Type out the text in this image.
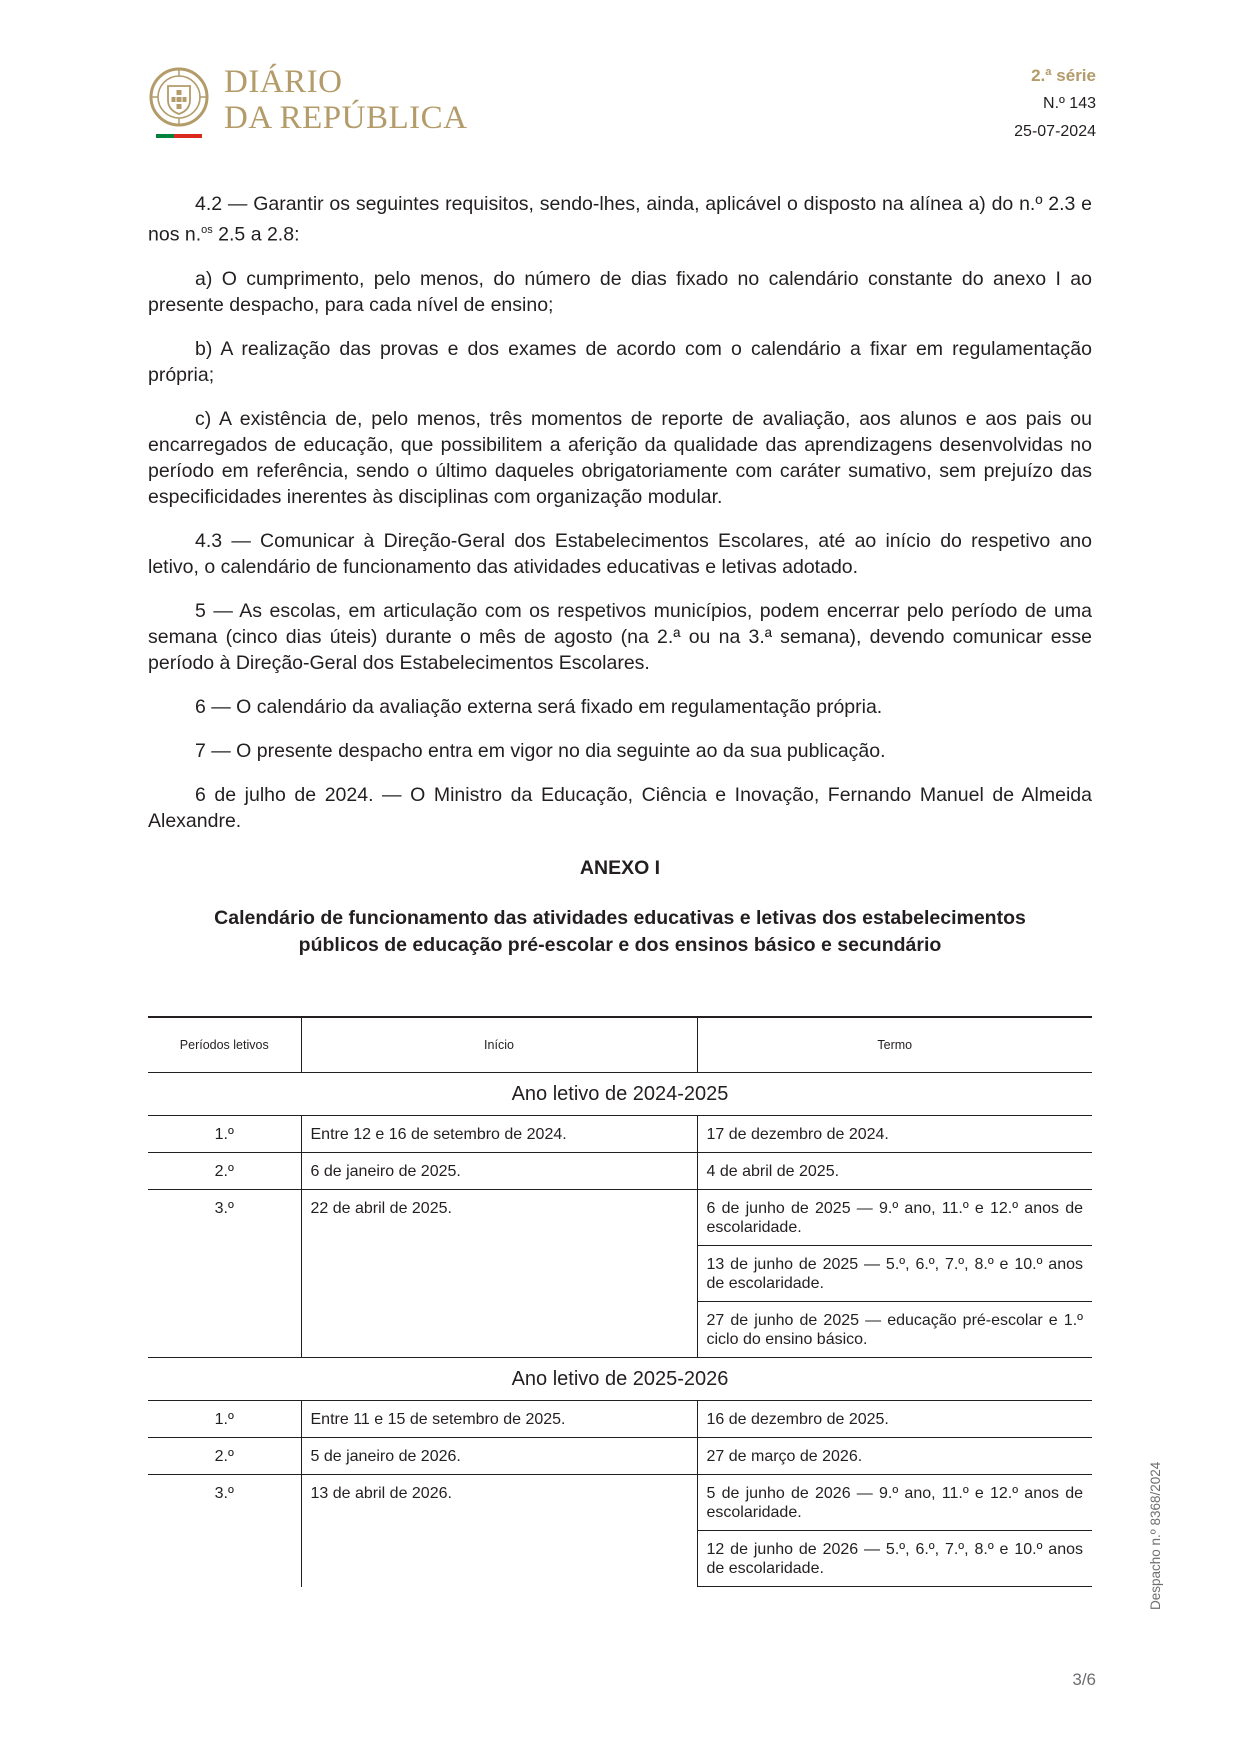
DIÁRIO
DA REPÚBLICA
2.ª série
N.º 143
25-07-2024

4.2 — Garantir os seguintes requisitos, sendo-lhes, ainda, aplicável o disposto na alínea a) do n.º 2.3 e nos n.$^{os}$ 2.5 a 2.8:

a) O cumprimento, pelo menos, do número de dias fixado no calendário constante do anexo I ao presente despacho, para cada nível de ensino;

b) A realização das provas e dos exames de acordo com o calendário a fixar em regulamentação própria;

c) A existência de, pelo menos, três momentos de reporte de avaliação, aos alunos e aos pais ou encarregados de educação, que possibilitem a aferição da qualidade das aprendizagens desenvolvidas no período em referência, sendo o último daqueles obrigatoriamente com caráter sumativo, sem prejuízo das especificidades inerentes às disciplinas com organização modular.

4.3 — Comunicar à Direção-Geral dos Estabelecimentos Escolares, até ao início do respetivo ano letivo, o calendário de funcionamento das atividades educativas e letivas adotado.

5 — As escolas, em articulação com os respetivos municípios, podem encerrar pelo período de uma semana (cinco dias úteis) durante o mês de agosto (na 2.ª ou na 3.ª semana), devendo comunicar esse período à Direção-Geral dos Estabelecimentos Escolares.

6 — O calendário da avaliação externa será fixado em regulamentação própria.

7 — O presente despacho entra em vigor no dia seguinte ao da sua publicação.

6 de julho de 2024. — O Ministro da Educação, Ciência e Inovação, Fernando Manuel de Almeida Alexandre.

ANEXO I
Calendário de funcionamento das atividades educativas e letivas dos estabelecimentos
públicos de educação pré-escolar e dos ensinos básico e secundário
Períodos letivos	Início	Termo
Ano letivo de 2024-2025		
1.º	Entre 12 e 16 de setembro de 2024.	17 de dezembro de 2024.
2.º	6 de janeiro de 2025.	4 de abril de 2025.
3.º	22 de abril de 2025.	6 de junho de 2025 — 9.º ano, 11.º e 12.º anos de escolaridade.
		13 de junho de 2025 — 5.º, 6.º, 7.º, 8.º e 10.º anos de escolaridade.
		27 de junho de 2025 — educação pré-escolar e 1.º ciclo do ensino básico.
Ano letivo de 2025-2026		
1.º	Entre 11 e 15 de setembro de 2025.	16 de dezembro de 2025.
2.º	5 de janeiro de 2026.	27 de março de 2026.
3.º	13 de abril de 2026.	5 de junho de 2026 — 9.º ano, 11.º e 12.º anos de escolaridade.
		12 de junho de 2026 — 5.º, 6.º, 7.º, 8.º e 10.º anos de escolaridade.	Despacho n.º 8368/2024
3/6
